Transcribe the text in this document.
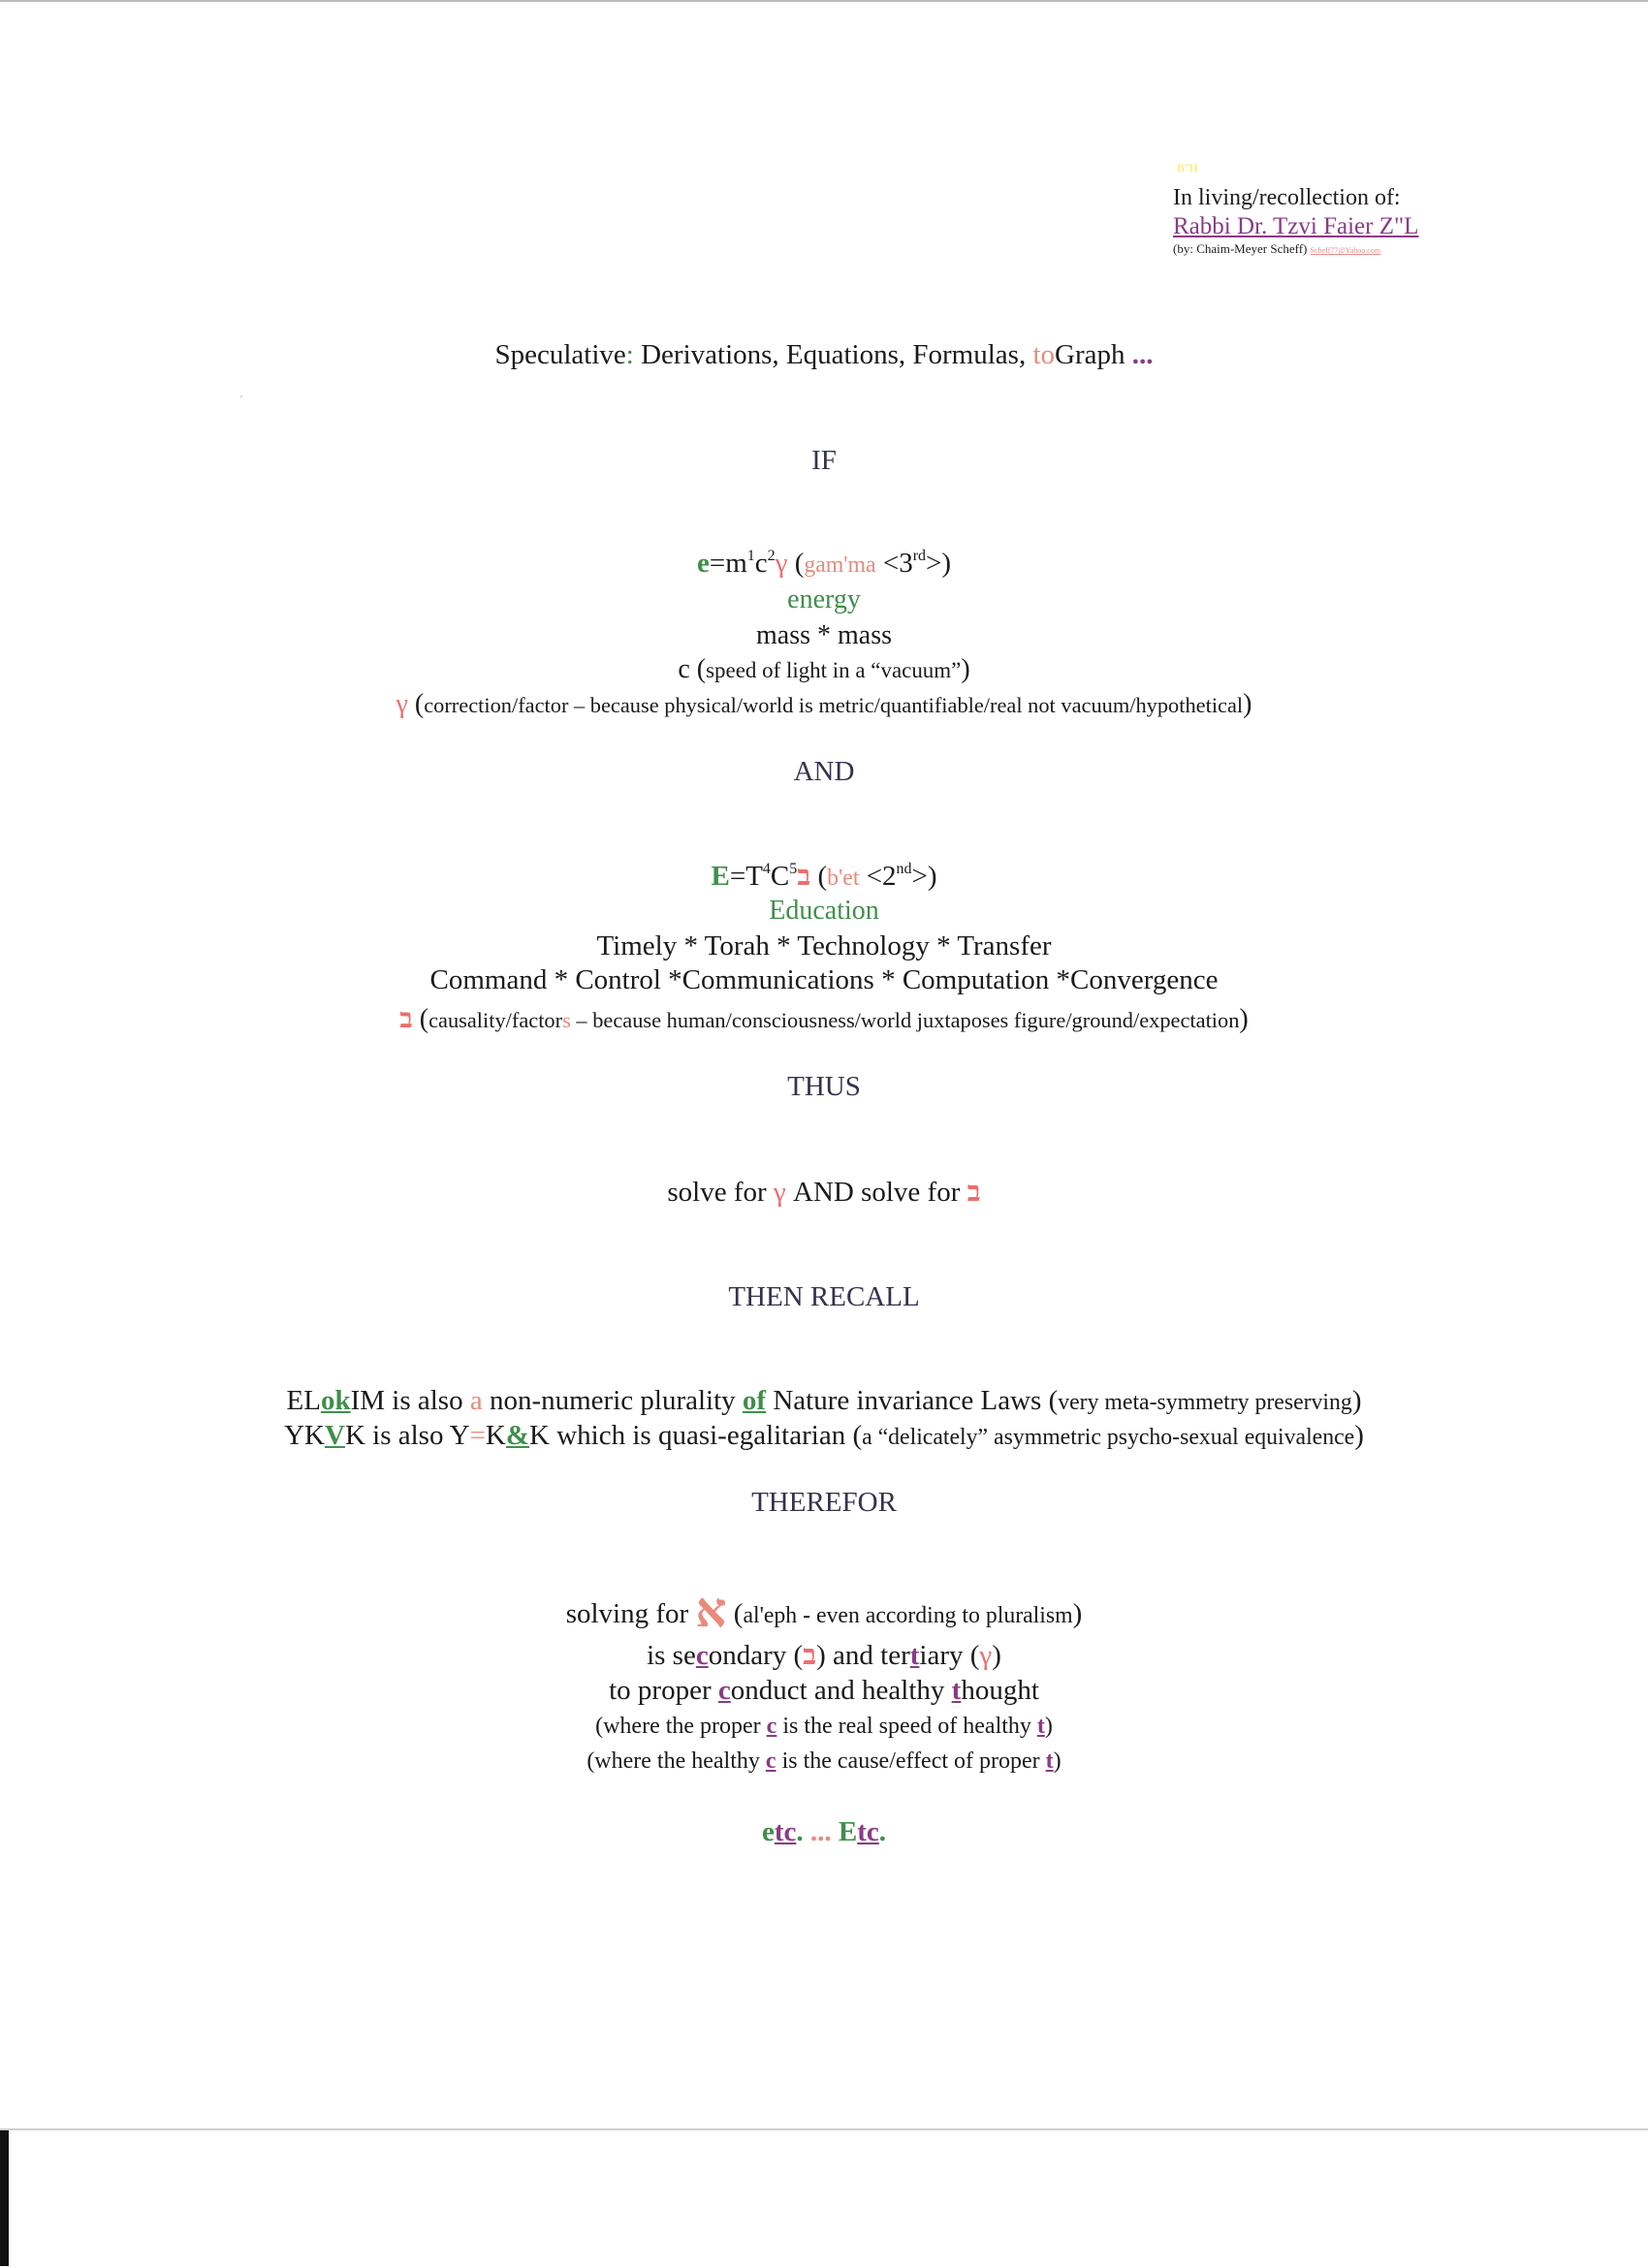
B"H
In living/recollection of:
Rabbi Dr. Tzvi Faier Z"L
(by: Chaim-Meyer Scheff) Scheff77@Yahoo.com
Speculative: Derivations, Equations, Formulas, toGraph ...
IF
$e=m^1c^2\gamma$ (gam'ma <3rd>)
energy
mass * mass
c (speed of light in a “vacuum”)
γ (correction/factor – because physical/world is metric/quantifiable/real not vacuum/hypothetical)
AND
$E=T^4C^5ב$ (b'et <2nd>)
Education
Timely * Torah * Technology * Transfer
Command * Control *Communications * Computation *Convergence
ב (causality/factors – because human/consciousness/world juxtaposes figure/ground/expectation)
THUS
solve for γ AND solve for ב
THEN RECALL
ELokIM is also a non-numeric plurality of Nature invariance Laws (very meta-symmetry preserving)
YKVK is also Y=K&K which is quasi-egalitarian (a “delicately” asymmetric psycho-sexual equivalence)
THEREFOR
solving for א (al'eph - even according to pluralism)
is secondary (ב) and tertiary (γ)
to proper conduct and healthy thought
(where the proper c is the real speed of healthy t)
(where the healthy c is the cause/effect of proper t)
etc. ... Etc.
